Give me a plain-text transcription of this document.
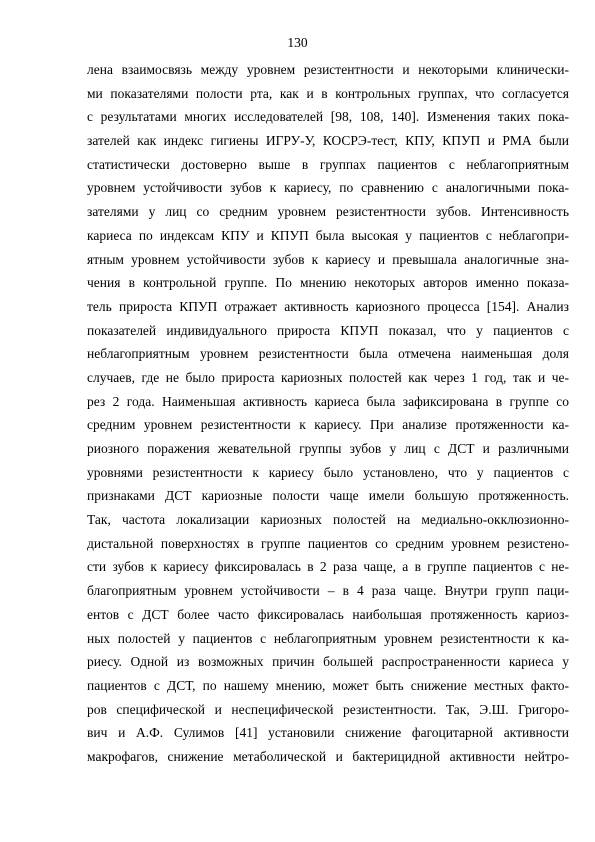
130
лена взаимосвязь между уровнем резистентности и некоторыми клинически-
ми показателями полости рта, как и в контрольных группах, что согласуется
с результатами многих исследователей [98, 108, 140]. Изменения таких пока-
зателей как индекс гигиены ИГРУ-У, КОСРЭ-тест, КПУ, КПУП и РМА были
статистически достоверно выше в группах пациентов с неблагоприятным
уровнем устойчивости зубов к кариесу, по сравнению с аналогичными пока-
зателями у лиц со средним уровнем резистентности зубов. Интенсивность
кариеса по индексам КПУ и КПУП была высокая у пациентов с неблагопри-
ятным уровнем устойчивости зубов к кариесу и превышала аналогичные зна-
чения в контрольной группе. По мнению некоторых авторов именно показа-
тель прироста КПУП отражает активность кариозного процесса [154]. Анализ
показателей индивидуального прироста КПУП показал, что у пациентов с
неблагоприятным уровнем резистентности была отмечена наименьшая доля
случаев, где не было прироста кариозных полостей как через 1 год, так и че-
рез 2 года. Наименьшая активность кариеса была зафиксирована в группе со
средним уровнем резистентности к кариесу. При анализе протяженности ка-
риозного поражения жевательной группы зубов у лиц с ДСТ и различными
уровнями резистентности к кариесу было установлено, что у пациентов с
признаками ДСТ кариозные полости чаще имели большую протяженность.
Так, частота локализации кариозных полостей на медиально-окклюзионно-
дистальной поверхностях в группе пациентов со средним уровнем резистено-
сти зубов к кариесу фиксировалась в 2 раза чаще, а в группе пациентов с не-
благоприятным уровнем устойчивости – в 4 раза чаще. Внутри групп паци-
ентов с ДСТ более часто фиксировалась наибольшая протяженность кариоз-
ных полостей у пациентов с неблагоприятным уровнем резистентности к ка-
риесу. Одной из возможных причин большей распространенности кариеса у
пациентов с ДСТ, по нашему мнению, может быть снижение местных факто-
ров специфической и неспецифической резистентности. Так, Э.Ш. Григоро-
вич и А.Ф. Сулимов [41] установили снижение фагоцитарной активности
макрофагов, снижение метаболической и бактерицидной активности нейтро-
